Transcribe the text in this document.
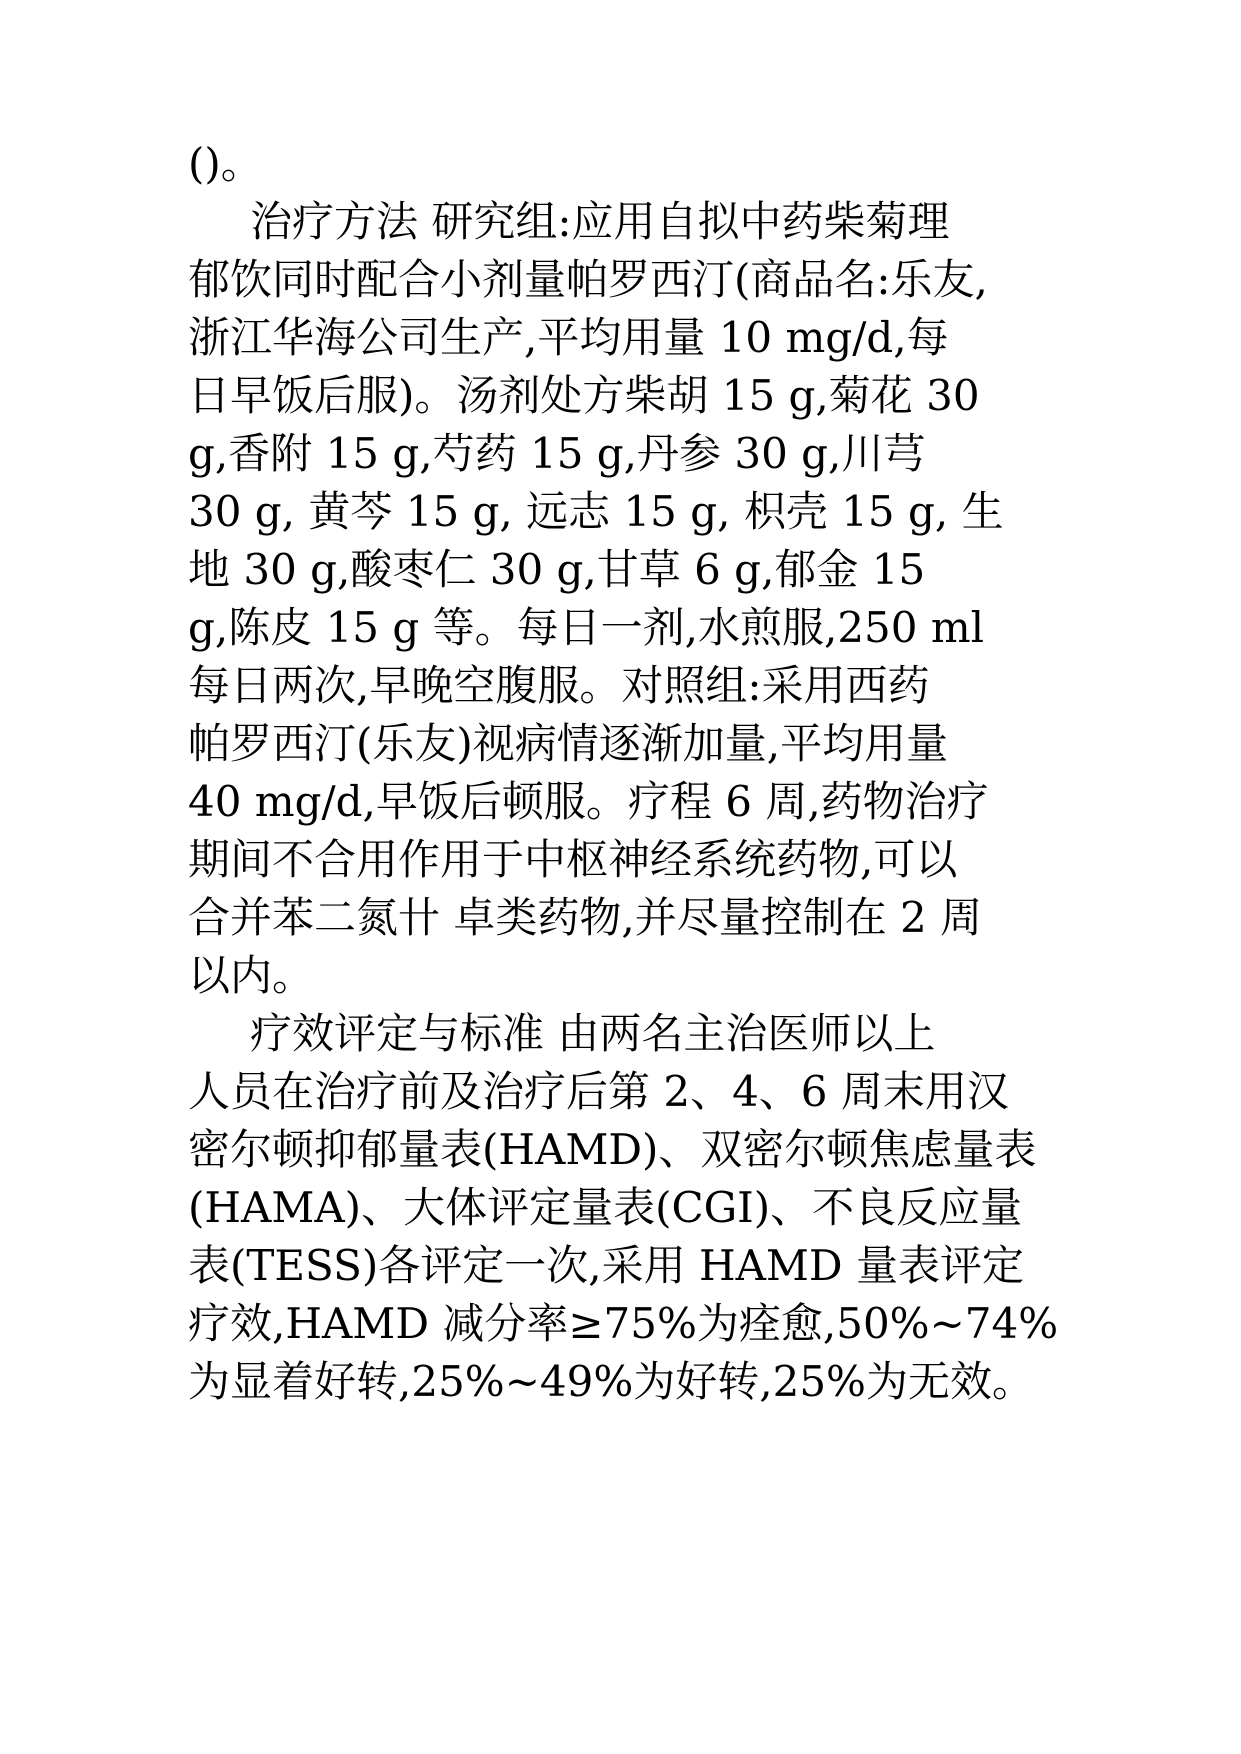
()。
治疗方法 研究组:应用自拟中药柴菊理
郁饮同时配合小剂量帕罗西汀(商品名:乐友,
浙江华海公司生产,平均用量 10 mg/d,每
日早饭后服)。汤剂处方柴胡 15 g,菊花 30
g,香附 15 g,芍药 15 g,丹参 30 g,川芎
30 g, 黄芩 15 g, 远志 15 g, 枳壳 15 g, 生
地 30 g,酸枣仁 30 g,甘草 6 g,郁金 15
g,陈皮 15 g 等。每日一剂,水煎服,250 ml
每日两次,早晚空腹服。对照组:采用西药
帕罗西汀(乐友)视病情逐渐加量,平均用量
40 mg/d,早饭后顿服。疗程 6 周,药物治疗
期间不合用作用于中枢神经系统药物,可以
合并苯二氮卄 卓类药物,并尽量控制在 2 周
以内。
疗效评定与标准 由两名主治医师以上
人员在治疗前及治疗后第 2、4、6 周末用汉
密尔顿抑郁量表(HAMD)、双密尔顿焦虑量表
(HAMA)、大体评定量表(CGI)、不良反应量
表(TESS)各评定一次,采用 HAMD 量表评定
疗效,HAMD 减分率≥75%为痊愈,50%~74%
为显着好转,25%~49%为好转,25%为无效。
